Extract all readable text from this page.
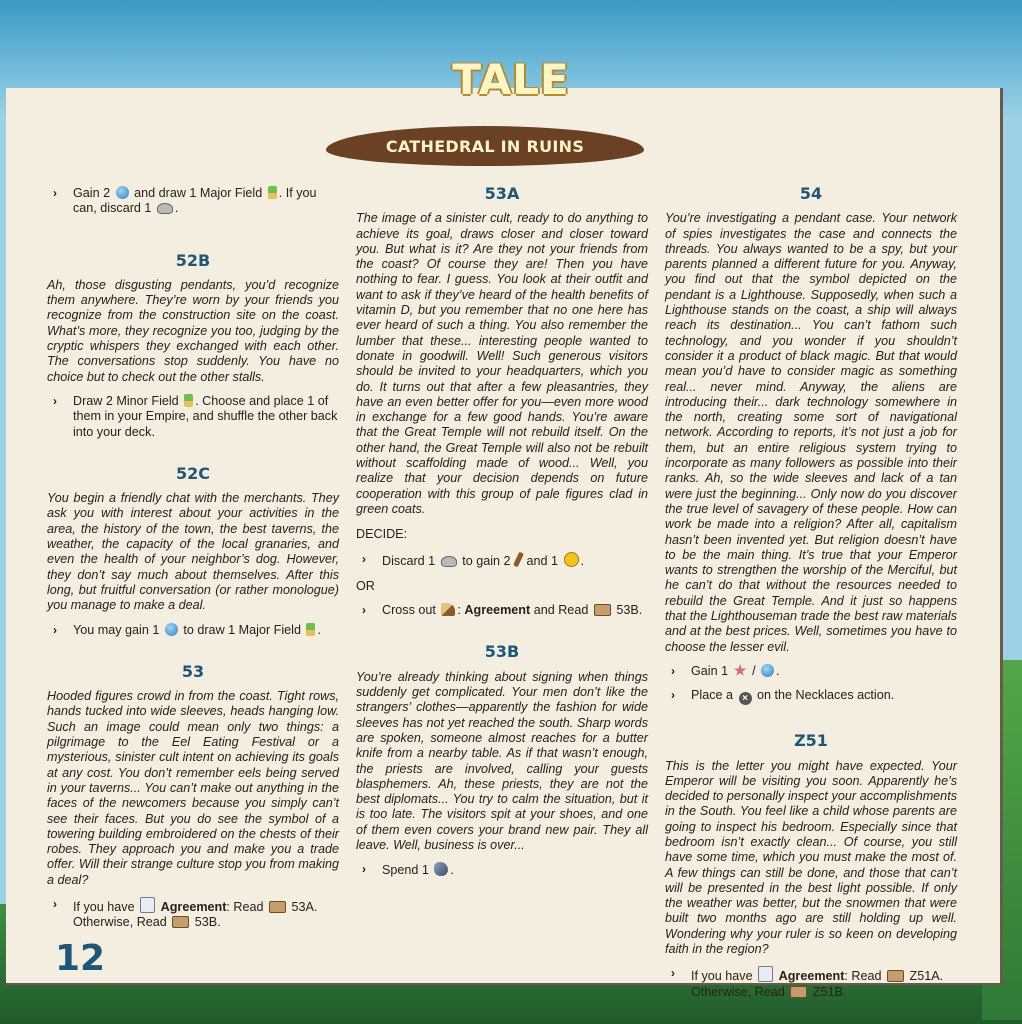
TALE
CATHEDRAL IN RUINS

› Gain 2 and draw 1 Major Field . If you can, discard 1 .

52B

Ah, those disgusting pendants, you’d recognize them anywhere. They’re worn by your friends you recognize from the construction site on the coast. What’s more, they recognize you too, judging by the cryptic whispers they exchanged with each other. The conversations stop suddenly. You have no choice but to check out the other stalls.

› Draw 2 Minor Field . Choose and place 1 of them in your Empire, and shuffle the other back into your deck.

52C

You begin a friendly chat with the merchants. They ask you with interest about your activities in the area, the history of the town, the best taverns, the weather, the capacity of the local granaries, and even the health of your neighbor’s dog. However, they don’t say much about themselves. After this long, but fruitful conversation (or rather monologue) you manage to make a deal.

› You may gain 1 to draw 1 Major Field .

53

Hooded figures crowd in from the coast. Tight rows, hands tucked into wide sleeves, heads hanging low. Such an image could mean only two things: a pilgrimage to the Eel Eating Festival or a mysterious, sinister cult intent on achieving its goals at any cost. You don’t remember eels being served in your taverns... You can’t make out anything in the faces of the newcomers because you simply can’t see their faces. But you do see the symbol of a towering building embroidered on the chests of their robes. They approach you and make you a trade offer. Will their strange culture stop you from making a deal?

› If you have Agreement: Read 53A. Otherwise, Read 53B.

53A

The image of a sinister cult, ready to do anything to achieve its goal, draws closer and closer toward you. But what is it? Are they not your friends from the coast? Of course they are! Then you have nothing to fear. I guess. You look at their outfit and want to ask if they’ve heard of the health benefits of vitamin D, but you remember that no one here has ever heard of such a thing. You also remember the lumber that these... interesting people wanted to donate in goodwill. Well! Such generous visitors should be invited to your headquarters, which you do. It turns out that after a few pleasantries, they have an even better offer for you—even more wood in exchange for a few good hands. You’re aware that the Great Temple will not rebuild itself. On the other hand, the Great Temple will also not be rebuilt without scaffolding made of wood... Well, you realize that your decision depends on future cooperation with this group of pale figures clad in green coats.

DECIDE:

› Discard 1 to gain 2 and 1 .

OR

› Cross out : Agreement and Read 53B.

53B

You’re already thinking about signing when things suddenly get complicated. Your men don’t like the strangers’ clothes—apparently the fashion for wide sleeves has not yet reached the south. Sharp words are spoken, someone almost reaches for a butter knife from a nearby table. As if that wasn’t enough, the priests are involved, calling your guests blasphemers. Ah, these priests, they are not the best diplomats... You try to calm the situation, but it is too late. The visitors spit at your shoes, and one of them even covers your brand new pair. They all leave. Well, business is over...

› Spend 1 .

54

You’re investigating a pendant case. Your network of spies investigates the case and connects the threads. You always wanted to be a spy, but your parents planned a different future for you. Anyway, you find out that the symbol depicted on the pendant is a Lighthouse. Supposedly, when such a Lighthouse stands on the coast, a ship will always reach its destination... You can’t fathom such technology, and you wonder if you shouldn’t consider it a product of black magic. But that would mean you’d have to consider magic as something real... never mind. Anyway, the aliens are introducing their... dark technology somewhere in the north, creating some sort of navigational network. According to reports, it’s not just a job for them, but an entire religious system trying to incorporate as many followers as possible into their ranks. Ah, so the wide sleeves and lack of a tan were just the beginning... Only now do you discover the true level of savagery of these people. How can work be made into a religion? After all, capitalism hasn’t been invented yet. But religion doesn’t have to be the main thing. It’s true that your Emperor wants to strengthen the worship of the Merciful, but he can’t do that without the resources needed to rebuild the Great Temple. And it just so happens that the Lighthouseman trade the best raw materials and at the best prices. Well, sometimes you have to choose the lesser evil.

› Gain 1 / .

› Place a × on the Necklaces action.

Z51

This is the letter you might have expected. Your Emperor will be visiting you soon. Apparently he’s decided to personally inspect your accomplishments in the South. You feel like a child whose parents are going to inspect his bedroom. Especially since that bedroom isn’t exactly clean... Of course, you still have some time, which you must make the most of. A few things can still be done, and those that can’t will be presented in the best light possible. If only the weather was better, but the snowmen that were built two months ago are still holding up well. Wondering why your ruler is so keen on developing faith in the region?

› If you have Agreement: Read Z51A. Otherwise, Read Z51B.

12
